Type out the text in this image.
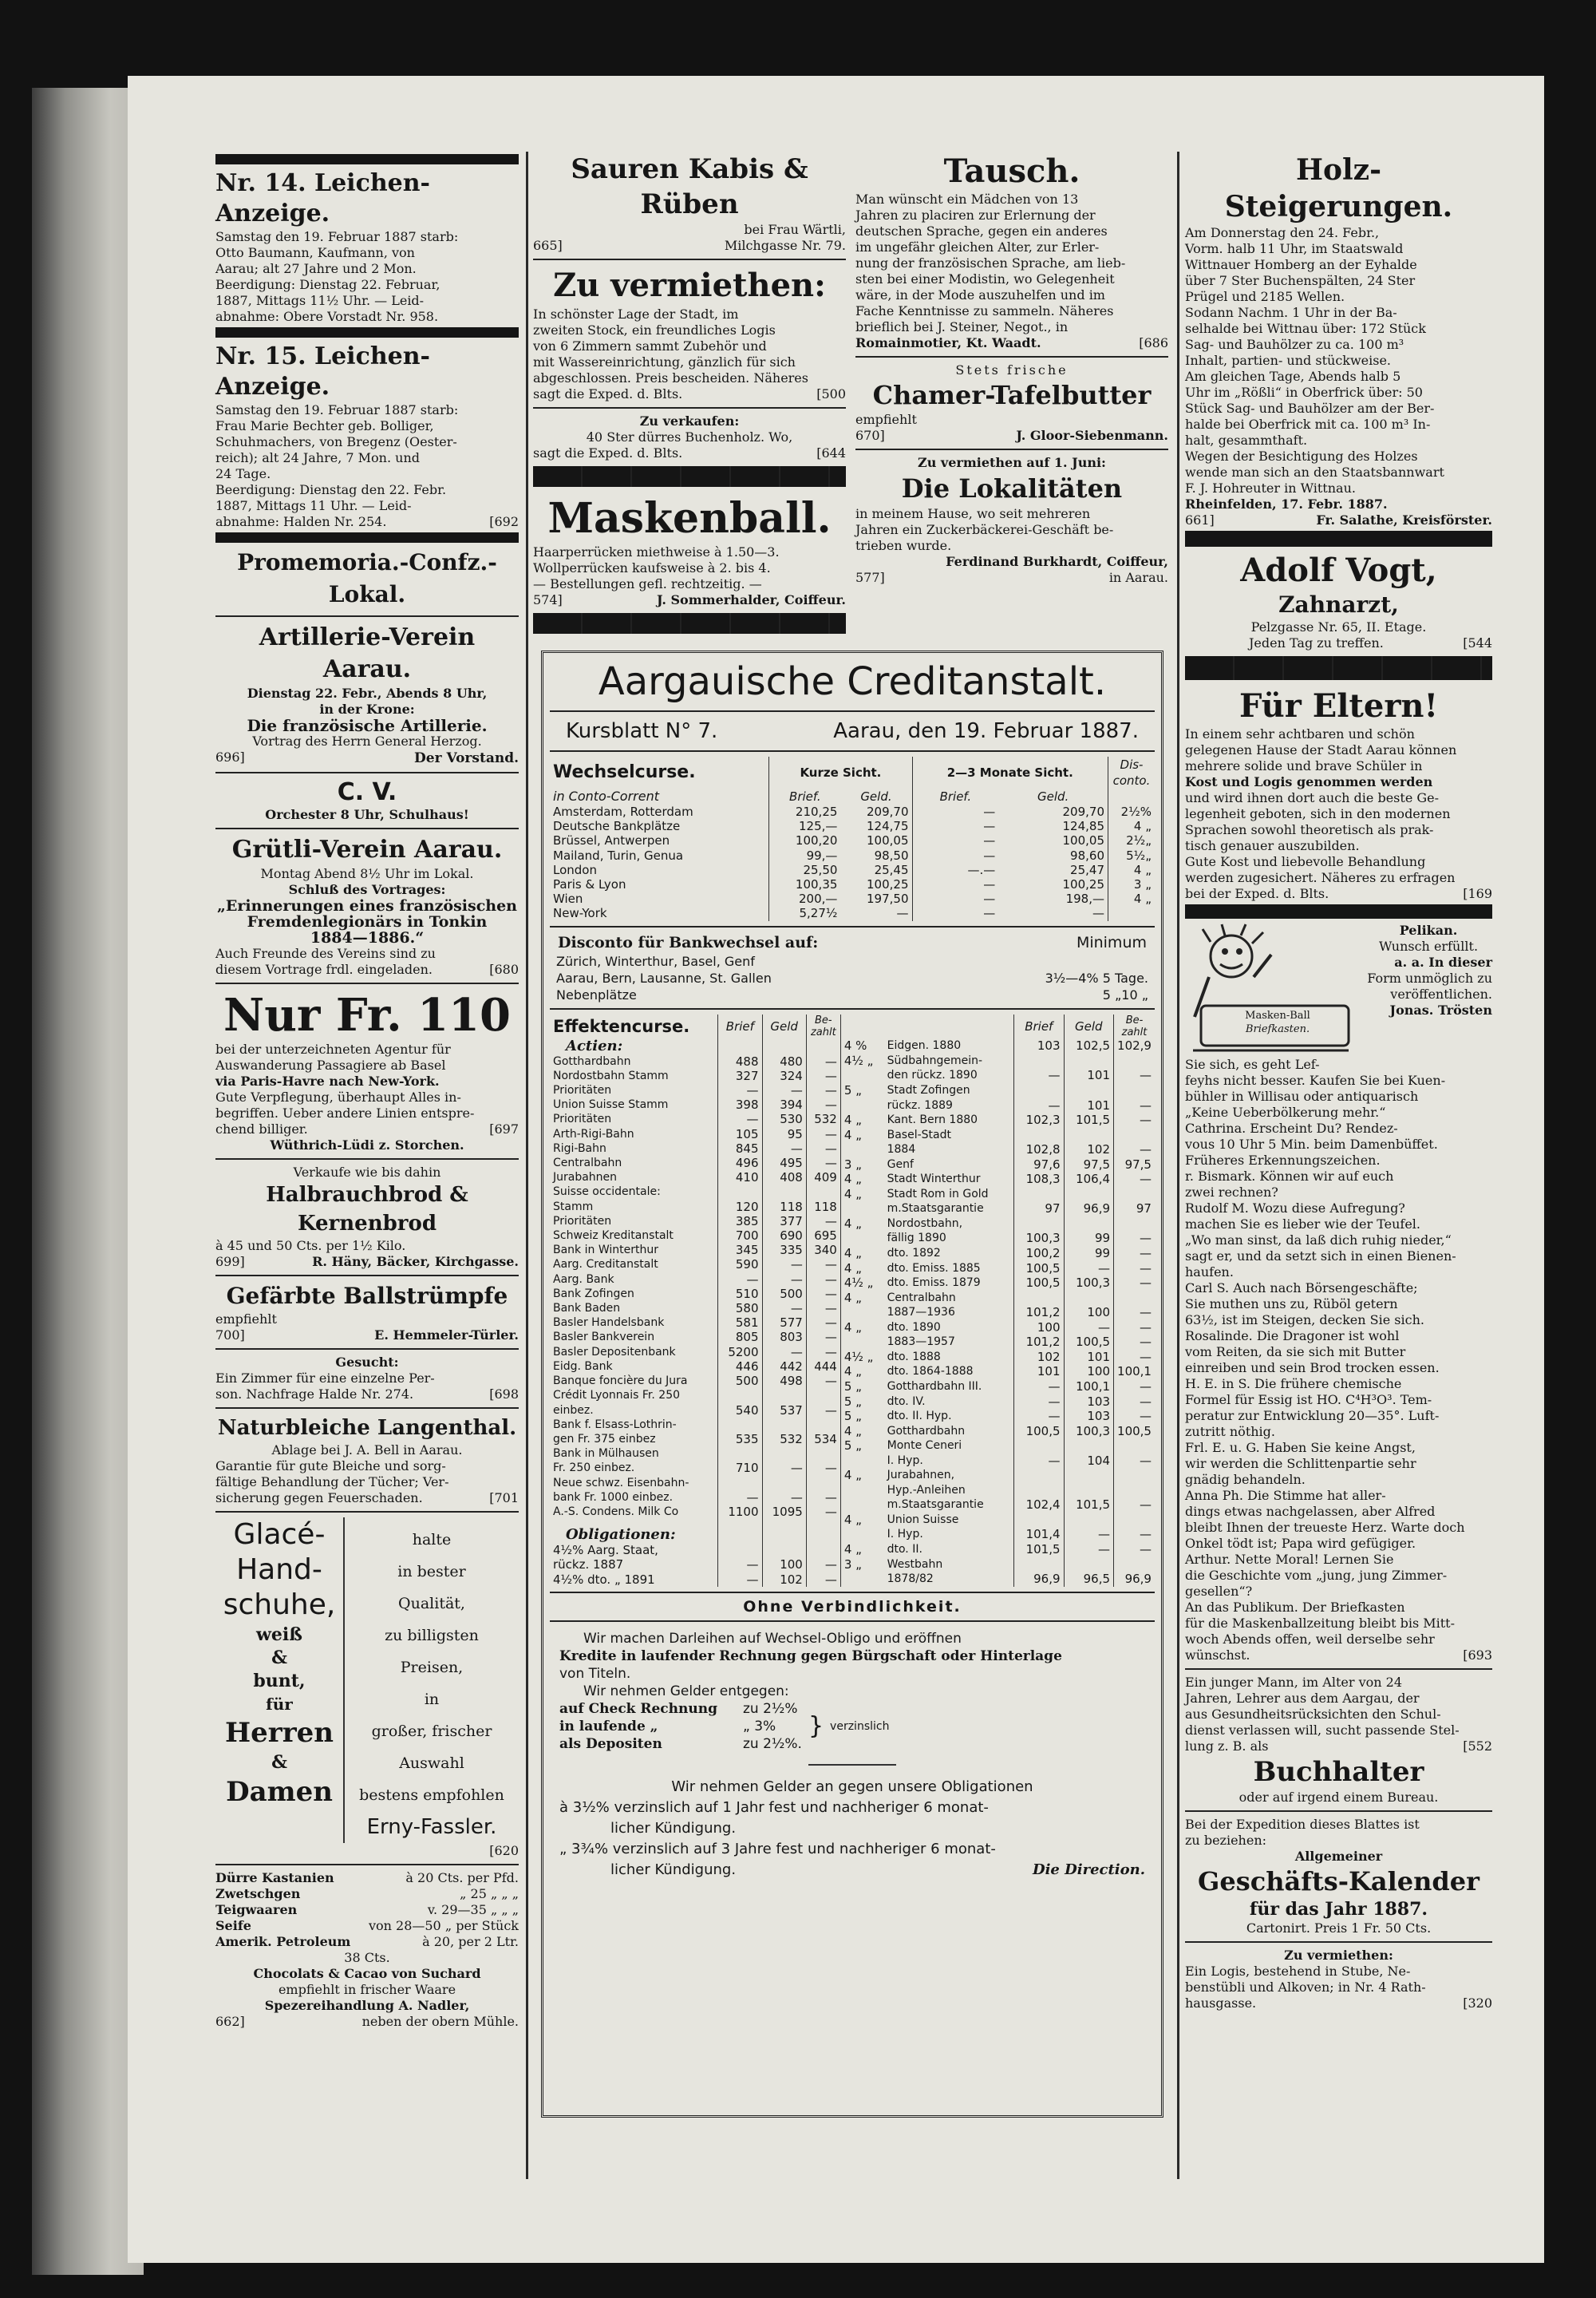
Nr. 14. Leichen-Anzeige.
Samstag den 19. Februar 1887 starb:
Otto Baumann, Kaufmann, von
Aarau; alt 27 Jahre und 2 Mon.
Beerdigung: Dienstag 22. Februar,
1887, Mittags 11½ Uhr. — Leid-
abnahme: Obere Vorstadt Nr. 958.
Nr. 15. Leichen-Anzeige.
Samstag den 19. Februar 1887 starb:
Frau Marie Bechter geb. Bolliger,
Schuhmachers, von Bregenz (Oester-
reich); alt 24 Jahre, 7 Mon. und
24 Tage.
Beerdigung: Dienstag den 22. Febr.
1887, Mittags 11 Uhr. — Leid-
abnahme: Halden Nr. 254.	[692
Promemoria.-Confz.-Lokal.
Artillerie-Verein Aarau.
Dienstag 22. Febr., Abends 8 Uhr,
in der Krone:
Die französische Artillerie.
Vortrag des Herrn General Herzog.
696]	Der Vorstand.
C. V.
Orchester 8 Uhr, Schulhaus!
Grütli-Verein Aarau.
Montag Abend 8½ Uhr im Lokal.
Schluß des Vortrages:
„Erinnerungen eines französischen
Fremdenlegionärs in Tonkin
1884—1886.“
Auch Freunde des Vereins sind zu
diesem Vortrage frdl. eingeladen.	[680
Nur Fr. 110
bei der unterzeichneten Agentur für
Auswanderung Passagiere ab Basel
via Paris-Havre nach New-York.
Gute Verpflegung, überhaupt Alles in-
begriffen. Ueber andere Linien entspre-
chend billiger.	[697
Wüthrich-Lüdi z. Storchen.
Verkaufe wie bis dahin
Halbrauchbrod & Kernenbrod
à 45 und 50 Cts. per 1½ Kilo.
699]	R. Häny, Bäcker, Kirchgasse.
Gefärbte Ballstrümpfe
empfiehlt
700]	E. Hemmeler-Türler.
Gesucht:
Ein Zimmer für eine einzelne Per-
son. Nachfrage Halde Nr. 274.	[698
Naturbleiche Langenthal.
Ablage bei J. A. Bell in Aarau.
Garantie für gute Bleiche und sorg-
fältige Behandlung der Tücher; Ver-
sicherung gegen Feuerschaden.	[701
Glacé-
Hand-
schuhe,
weiß
&
bunt,
für
Herren
&
Damen
halte
in bester
Qualität,
zu billigsten
Preisen,
in
großer, frischer
Auswahl
bestens empfohlen
Erny-Fassler.
[620
Dürre Kastanien	à 20 Cts. per Pfd.
Zwetschgen	„ 25 „ „ „
Teigwaaren	v. 29—35 „ „ „
Seife	von 28—50 „ per Stück
Amerik. Petroleum	à 20, per 2 Ltr.
38 Cts.
Chocolats & Cacao von Suchard
empfiehlt in frischer Waare
Spezereihandlung A. Nadler,
662]	neben der obern Mühle.
Sauren Kabis & Rüben
bei Frau Wärtli,
665]	Milchgasse Nr. 79.
Zu vermiethen:
In schönster Lage der Stadt, im
zweiten Stock, ein freundliches Logis
von 6 Zimmern sammt Zubehör und
mit Wassereinrichtung, gänzlich für sich
abgeschlossen. Preis bescheiden. Näheres
sagt die Exped. d. Blts.	[500
Zu verkaufen:
40 Ster dürres Buchenholz. Wo,
sagt die Exped. d. Blts.	[644
Maskenball.
Haarperrücken miethweise à 1.50—3.
Wollperrücken kaufsweise à 2. bis 4.
— Bestellungen gefl. rechtzeitig. —
574]	J. Sommerhalder, Coiffeur.
Tausch.
Man wünscht ein Mädchen von 13
Jahren zu placiren zur Erlernung der
deutschen Sprache, gegen ein anderes
im ungefähr gleichen Alter, zur Erler-
nung der französischen Sprache, am lieb-
sten bei einer Modistin, wo Gelegenheit
wäre, in der Mode auszuhelfen und im
Fache Kenntnisse zu sammeln. Näheres
brieflich bei J. Steiner, Negot., in
Romainmotier, Kt. Waadt.	[686
Stets frische
Chamer-Tafelbutter
empfiehlt
670]	J. Gloor-Siebenmann.
Zu vermiethen auf 1. Juni:
Die Lokalitäten
in meinem Hause, wo seit mehreren
Jahren ein Zuckerbäckerei-Geschäft be-
trieben wurde.
Ferdinand Burkhardt, Coiffeur,
577]	in Aarau.
Aargauische Creditanstalt.
Kursblatt N° 7.	Aarau, den 19. Februar 1887.
Wechselcurse.	Kurze Sicht.		2—3 Monate Sicht.		Dis-conto.
in Conto-Corrent	Brief.	Geld.	Brief.	Geld.	
Amsterdam, Rotterdam	210,25	209,70	—	209,70	2½%
Deutsche Bankplätze	125,—	124,75	—	124,85	4 „
Brüssel, Antwerpen	100,20	100,05	—	100,05	2½„
Mailand, Turin, Genua	99,—	98,50	—	98,60	5½„
London	25,50	25,45	—.—	25,47	4 „
Paris & Lyon	100,35	100,25	—	100,25	3 „
Wien	200,—	197,50	—	198,—	4 „
New-York	5,27½	—	—	—	
Disconto für Bankwechsel auf:	Minimum
Zürich, Winterthur, Basel, Genf
Aarau, Bern, Lausanne, St. Gallen	3½—4% 5 Tage.
Nebenplätze	5 „10 „
Effektencurse.	Brief	Geld	Be-zahlt
Actien:			
Gotthardbahn	488	480	—
Nordostbahn Stamm	327	324	—
Prioritäten	—	—	—
Union Suisse Stamm	398	394	—
Prioritäten	—	530	532
Arth-Rigi-Bahn	105	95	—
Rigi-Bahn	845	—	—
Centralbahn	496	495	—
Jurabahnen	410	408	409
Suisse occidentale:			
Stamm	120	118	118
Prioritäten	385	377	—
Schweiz Kreditanstalt	700	690	695
Bank in Winterthur	345	335	340
Aarg. Creditanstalt	590	—	—
Aarg. Bank	—	—	—
Bank Zofingen	510	500	—
Bank Baden	580	—	—
Basler Handelsbank	581	577	—
Basler Bankverein	805	803	—
Basler Depositenbank	5200	—	—
Eidg. Bank	446	442	444
Banque foncière du Jura	500	498	—
Crédit Lyonnais Fr. 250			
einbez.	540	537	—
Bank f. Elsass-Lothrin-			
gen Fr. 375 einbez	535	532	534
Bank in Mülhausen			
Fr. 250 einbez.	710	—	—
Neue schwz. Eisenbahn-			
bank Fr. 1000 einbez.	—	—	—
A.-S. Condens. Milk Co	1100	1095	—
Obligationen:			
4½% Aarg. Staat,			
rückz. 1887	—	100	—
4½% dto. „ 1891	—	102	—
		Brief	Geld	Be-zahlt
4 %	Eidgen. 1880	103	102,5	102,9
4½ „	Südbahngemein-			
	den rückz. 1890	—	101	—
5 „	Stadt Zofingen			
	rückz. 1889	—	101	—
4 „	Kant. Bern 1880	102,3	101,5	—
4 „	Basel-Stadt			
	1884	102,8	102	—
3 „	Genf	97,6	97,5	97,5
4 „	Stadt Winterthur	108,3	106,4	—
4 „	Stadt Rom in Gold			
	m.Staatsgarantie	97	96,9	97
4 „	Nordostbahn,			
	fällig 1890	100,3	99	—
4 „	dto. 1892	100,2	99	—
4 „	dto. Emiss. 1885	100,5	—	—
4½ „	dto. Emiss. 1879	100,5	100,3	—

4 „	Centralbahn			
	1887—1936	101,2	100	—
4 „	dto. 1890	100	—	—
	1883—1957	101,2	100,5	—
4½ „	dto. 1888	102	101	—
4 „	dto. 1864-1888	101	100	100,1

5 „	Gotthardbahn III.	—	100,1	—
5 „	dto. IV.	—	103	—

5 „	dto. II. Hyp.	—	103	—
4 „	Gotthardbahn	100,5	100,3	100,5
5 „	Monte Ceneri			
	I. Hyp.	—	104	—
4 „	Jurabahnen,			
	Hyp.-Anleihen			
	m.Staatsgarantie	102,4	101,5	—
4 „	Union Suisse			
	I. Hyp.	101,4	—	—
4 „	dto. II.	101,5	—	—
3 „	Westbahn			
	1878/82	96,9	96,5	96,9
Ohne Verbindlichkeit.
Wir machen Darleihen auf Wechsel-Obligo und eröffnen
Kredite in laufender Rechnung gegen Bürgschaft oder Hinterlage
von Titeln.
Wir nehmen Gelder entgegen:
auf Check Rechnung zu 2½%
in laufende „	„ 3%
als Depositen	zu 2½%.
} verzinslich
Wir nehmen Gelder an gegen unsere Obligationen
à 3½% verzinslich auf 1 Jahr fest und nachheriger 6 monat-
licher Kündigung.
„ 3¾% verzinslich auf 3 Jahre fest und nachheriger 6 monat-
licher Kündigung.	Die Direction.
Holz-Steigerungen.
Am Donnerstag den 24. Febr.,
Vorm. halb 11 Uhr, im Staatswald
Wittnauer Homberg an der Eyhalde
über 7 Ster Buchenspälten, 24 Ster
Prügel und 2185 Wellen.
Sodann Nachm. 1 Uhr in der Ba-
selhalde bei Wittnau über: 172 Stück
Sag- und Bauhölzer zu ca. 100 m³
Inhalt, partien- und stückweise.
Am gleichen Tage, Abends halb 5
Uhr im „Rößli“ in Oberfrick über: 50
Stück Sag- und Bauhölzer am der Ber-
halde bei Oberfrick mit ca. 100 m³ In-
halt, gesammthaft.
Wegen der Besichtigung des Holzes
wende man sich an den Staatsbannwart
F. J. Hohreuter in Wittnau.
Rheinfelden, 17. Febr. 1887.
661]	Fr. Salathe, Kreisförster.
Adolf Vogt,
Zahnarzt,
Pelzgasse Nr. 65, II. Etage.
Jeden Tag zu treffen.	[544
Für Eltern!
In einem sehr achtbaren und schön
gelegenen Hause der Stadt Aarau können
mehrere solide und brave Schüler in
Kost und Logis genommen werden
und wird ihnen dort auch die beste Ge-
legenheit geboten, sich in den modernen
Sprachen sowohl theoretisch als prak-
tisch genauer auszubilden.
Gute Kost und liebevolle Behandlung
werden zugesichert. Näheres zu erfragen
bei der Exped. d. Blts.	[169
Masken-Ball
Briefkasten.
Pelikan.
Wunsch erfüllt.
a. a. In dieser
Form unmöglich zu
veröffentlichen.
Jonas. Trösten
Sie sich, es geht Lef-
feyhs nicht besser. Kaufen Sie bei Kuen-
bühler in Willisau oder antiquarisch
„Keine Ueberbölkerung mehr.“
Cathrina. Erscheint Du? Rendez-
vous 10 Uhr 5 Min. beim Damenbüffet.
Früheres Erkennungszeichen.
r. Bismark. Können wir auf euch
zwei rechnen?
Rudolf M. Wozu diese Aufregung?
machen Sie es lieber wie der Teufel.
„Wo man sinst, da laß dich ruhig nieder,“
sagt er, und da setzt sich in einen Bienen-
haufen.
Carl S. Auch nach Börsengeschäfte;
Sie muthen uns zu, Rüböl getern
63½, ist im Steigen, decken Sie sich.
Rosalinde. Die Dragoner ist wohl
vom Reiten, da sie sich mit Butter
einreiben und sein Brod trocken essen.
H. E. in S. Die frühere chemische
Formel für Essig ist HO. C⁴H³O³. Tem-
peratur zur Entwicklung 20—35°. Luft-
zutritt nöthig.
Frl. E. u. G. Haben Sie keine Angst,
wir werden die Schlittenpartie sehr
gnädig behandeln.
Anna Ph. Die Stimme hat aller-
dings etwas nachgelassen, aber Alfred
bleibt Ihnen der treueste Herz. Warte doch
Onkel tödt ist; Papa wird gefügiger.
Arthur. Nette Moral! Lernen Sie
die Geschichte vom „jung, jung Zimmer-
gesellen“?
An das Publikum. Der Briefkasten
für die Maskenballzeitung bleibt bis Mitt-
woch Abends offen, weil derselbe sehr
wünschst.	[693
Ein junger Mann, im Alter von 24
Jahren, Lehrer aus dem Aargau, der
aus Gesundheitsrücksichten den Schul-
dienst verlassen will, sucht passende Stel-
lung z. B. als	[552
Buchhalter
oder auf irgend einem Bureau.
Bei der Expedition dieses Blattes ist
zu beziehen:
Allgemeiner
Geschäfts-Kalender
für das Jahr 1887.
Cartonirt. Preis 1 Fr. 50 Cts.
Zu vermiethen:
Ein Logis, bestehend in Stube, Ne-
benstübli und Alkoven; in Nr. 4 Rath-
hausgasse.	[320
